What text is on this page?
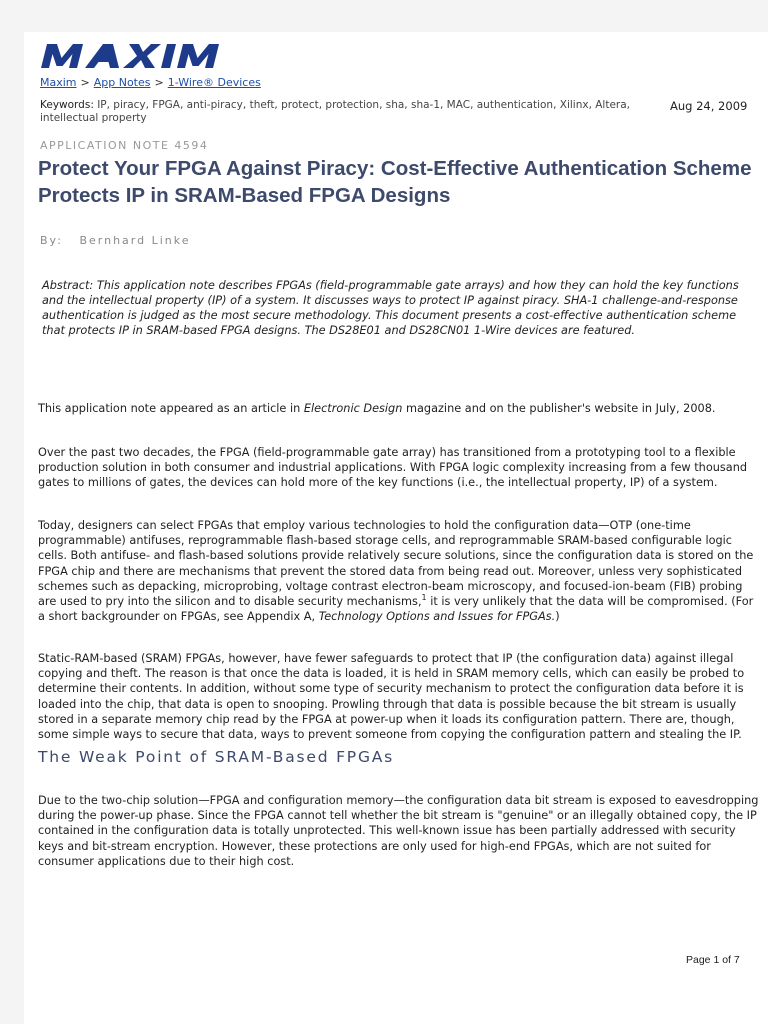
Maxim > App Notes > 1-Wire® Devices
Keywords: IP, piracy, FPGA, anti-piracy, theft, protect, protection, sha, sha-1, MAC, authentication, Xilinx, Altera, intellectual property
Aug 24, 2009
APPLICATION NOTE 4594
Protect Your FPGA Against Piracy: Cost-Effective Authentication Scheme Protects IP in SRAM-Based FPGA Designs
By: Bernhard Linke

Abstract: This application note describes FPGAs (field-programmable gate arrays) and how they can hold the key functions and the intellectual property (IP) of a system. It discusses ways to protect IP against piracy. SHA-1 challenge-and-response authentication is judged as the most secure methodology. This document presents a cost-effective authentication scheme that protects IP in SRAM-based FPGA designs. The DS28E01 and DS28CN01 1-Wire devices are featured.

This application note appeared as an article in Electronic Design magazine and on the publisher's website in July, 2008.

Over the past two decades, the FPGA (field-programmable gate array) has transitioned from a prototyping tool to a flexible production solution in both consumer and industrial applications. With FPGA logic complexity increasing from a few thousand gates to millions of gates, the devices can hold more of the key functions (i.e., the intellectual property, IP) of a system.

Today, designers can select FPGAs that employ various technologies to hold the configuration data—OTP (one-time programmable) antifuses, reprogrammable flash-based storage cells, and reprogrammable SRAM-based configurable logic cells. Both antifuse- and flash-based solutions provide relatively secure solutions, since the configuration data is stored on the FPGA chip and there are mechanisms that prevent the stored data from being read out. Moreover, unless very sophisticated schemes such as depacking, microprobing, voltage contrast electron-beam microscopy, and focused-ion-beam (FIB) probing are used to pry into the silicon and to disable security mechanisms,$^1$ it is very unlikely that the data will be compromised. (For a short backgrounder on FPGAs, see Appendix A, Technology Options and Issues for FPGAs.)

Static-RAM-based (SRAM) FPGAs, however, have fewer safeguards to protect that IP (the configuration data) against illegal copying and theft. The reason is that once the data is loaded, it is held in SRAM memory cells, which can easily be probed to determine their contents. In addition, without some type of security mechanism to protect the configuration data before it is loaded into the chip, that data is open to snooping. Prowling through that data is possible because the bit stream is usually stored in a separate memory chip read by the FPGA at power-up when it loads its configuration pattern. There are, though, some simple ways to secure that data, ways to prevent someone from copying the configuration pattern and stealing the IP.

The Weak Point of SRAM-Based FPGAs

Due to the two-chip solution—FPGA and configuration memory—the configuration data bit stream is exposed to eavesdropping during the power-up phase. Since the FPGA cannot tell whether the bit stream is "genuine" or an illegally obtained copy, the IP contained in the configuration data is totally unprotected. This well-known issue has been partially addressed with security keys and bit-stream encryption. However, these protections are only used for high-end FPGAs, which are not suited for consumer applications due to their high cost.

Page 1 of 7
